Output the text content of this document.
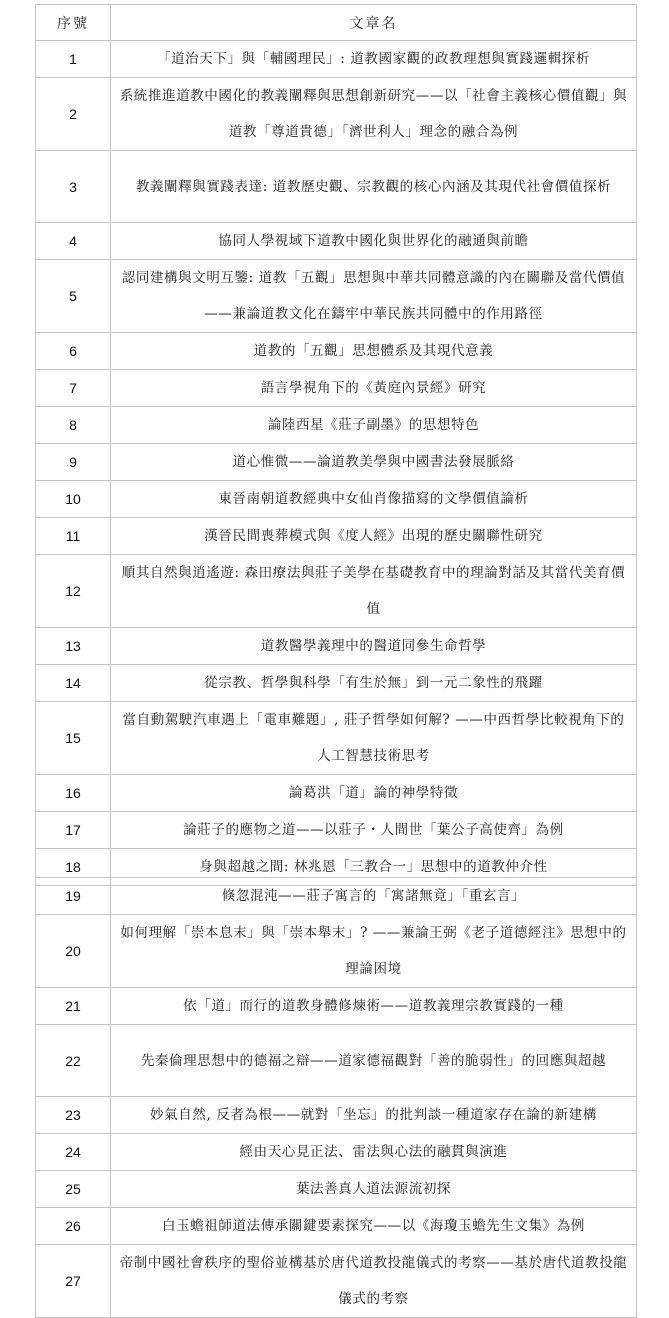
序號	文章名
1	「道治天下」與「輔國理民」: 道教國家觀的政教理想與實踐邏輯探析
2	系統推進道教中國化的教義闡釋與思想創新研究——以「社會主義核心價值觀」與道教「尊道貴德」「濟世利人」理念的融合為例
3	教義闡釋與實踐表達: 道教歷史觀、宗教觀的核心內涵及其現代社會價值探析
4	協同人學視域下道教中國化與世界化的融通與前瞻
5	認同建構與文明互鑒: 道教「五觀」思想與中華共同體意識的內在關聯及當代價值——兼論道教文化在鑄牢中華民族共同體中的作用路徑
6	道教的「五觀」思想體系及其現代意義
7	語言學視角下的《黃庭內景經》研究
8	論陸西星《莊子副墨》的思想特色
9	道心惟微——論道教美學與中國書法發展脈絡
10	東晉南朝道教經典中女仙肖像描寫的文學價值論析
11	漢晉民間喪葬模式與《度人經》出現的歷史關聯性研究
12	順其自然與逍遙遊: 森田療法與莊子美學在基礎教育中的理論對話及其當代美育價值
13	道教醫學義理中的醫道同參生命哲學
14	從宗教、哲學與科學「有生於無」到一元二象性的飛躍
15	當自動駕駛汽車遇上「電車難題」, 莊子哲學如何解? ——中西哲學比較視角下的人工智慧技術思考
16	論葛洪「道」論的神學特徵
17	論莊子的應物之道——以莊子・人間世「葉公子高使齊」為例
18	身與超越之間: 林兆恩「三教合一」思想中的道教仲介性
19	倏忽混沌——莊子寓言的「寓諸無竟」「重玄言」
20	如何理解「崇本息末」與「崇本舉末」? ——兼論王弼《老子道德經注》思想中的理論困境
21	依「道」而行的道教身體修煉術——道教義理宗教實踐的一種
22	先秦倫理思想中的德福之辯——道家德福觀對「善的脆弱性」的回應與超越
23	妙氣自然, 反者為根——就對「坐忘」的批判談一種道家存在論的新建構
24	經由天心見正法、雷法與心法的融貫與演進
25	葉法善真人道法源流初探
26	白玉蟾祖師道法傳承關鍵要素探究——以《海瓊玉蟾先生文集》為例
27	帝制中國社會秩序的聖俗並構基於唐代道教投龍儀式的考察——基於唐代道教投龍儀式的考察
